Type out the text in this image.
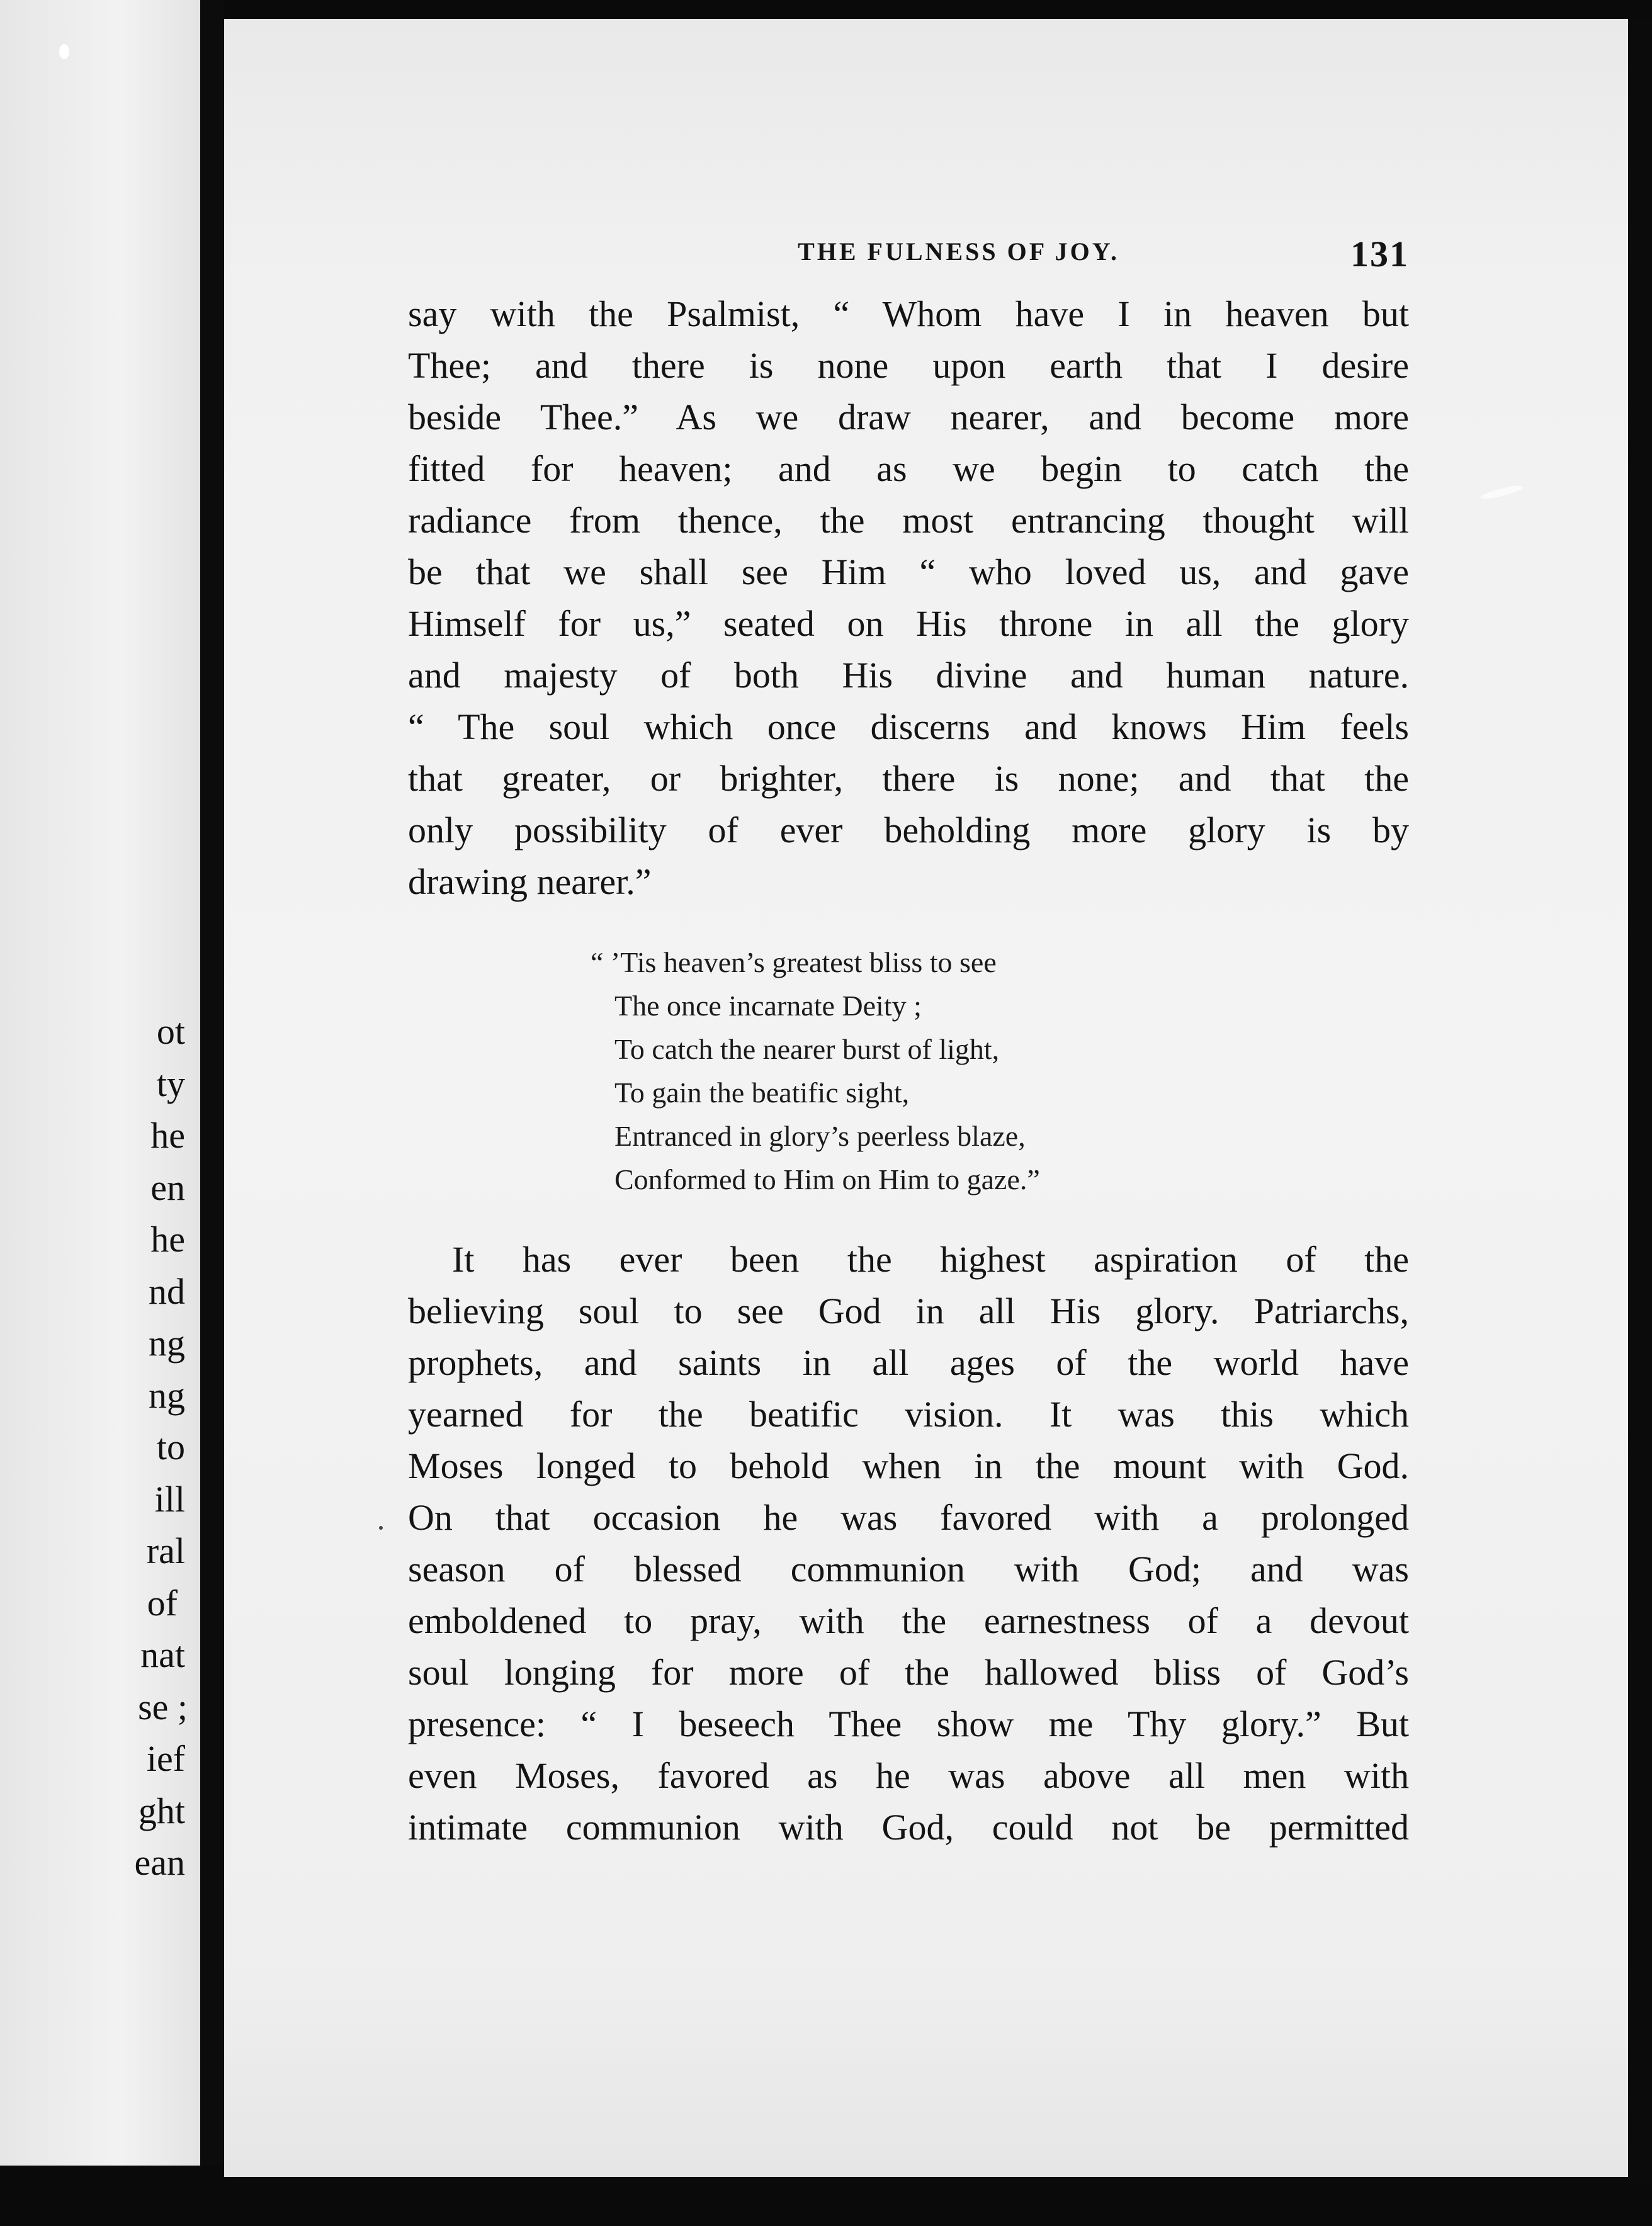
ot
ty
he
en
he
nd
ng
ng
to
ill
ral
of
nat
se ;
ief
ght
ean
THE FULNESS OF JOY.	131

say with the Psalmist, “ Whom have I in heaven but
Thee; and there is none upon earth that I desire
beside Thee.” As we draw nearer, and become more
fitted for heaven; and as we begin to catch the
radiance from thence, the most entrancing thought will
be that we shall see Him “ who loved us, and gave
Himself for us,” seated on His throne in all the glory
and majesty of both His divine and human nature.
“ The soul which once discerns and knows Him feels
that greater, or brighter, there is none; and that the
only possibility of ever beholding more glory is by
drawing nearer.”

“ ’Tis heaven’s greatest bliss to see
The once incarnate Deity ;
To catch the nearer burst of light,
To gain the beatific sight,
Entranced in glory’s peerless blaze,
Conformed to Him on Him to gaze.”

It has ever been the highest aspiration of the
believing soul to see God in all His glory. Patriarchs,
prophets, and saints in all ages of the world have
yearned for the beatific vision. It was this which
Moses longed to behold when in the mount with God.
On that occasion he was favored with a prolonged
season of blessed communion with God; and was
emboldened to pray, with the earnestness of a devout
soul longing for more of the hallowed bliss of God’s
presence: “ I beseech Thee show me Thy glory.” But
even Moses, favored as he was above all men with
intimate communion with God, could not be permitted
